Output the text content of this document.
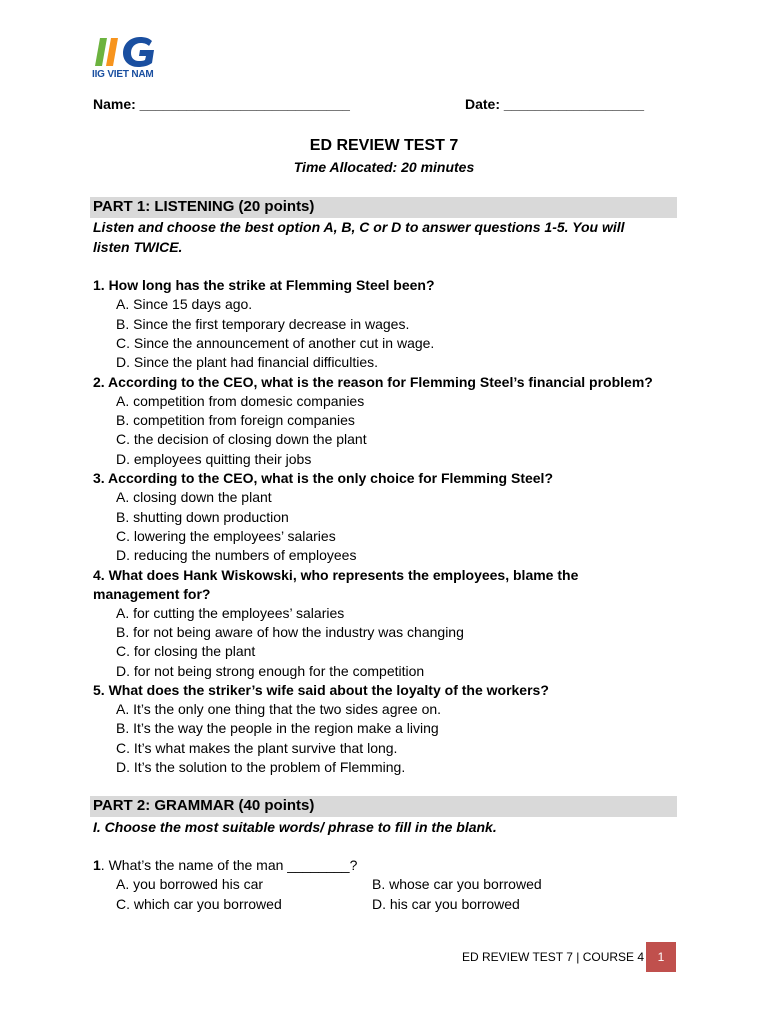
IIG VIET NAM
Name: ___________________________	Date: __________________
ED REVIEW TEST 7
Time Allocated: 20 minutes
PART 1: LISTENING (20 points)
Listen and choose the best option A, B, C or D to answer questions 1-5. You will
listen TWICE.
1. How long has the strike at Flemming Steel been?
A. Since 15 days ago.
B. Since the first temporary decrease in wages.
C. Since the announcement of another cut in wage.
D. Since the plant had financial difficulties.
2. According to the CEO, what is the reason for Flemming Steel’s financial problem?
A. competition from domesic companies
B. competition from foreign companies
C. the decision of closing down the plant
D. employees quitting their jobs
3. According to the CEO, what is the only choice for Flemming Steel?
A. closing down the plant
B. shutting down production
C. lowering the employees’ salaries
D. reducing the numbers of employees
4. What does Hank Wiskowski, who represents the employees, blame the
management for?
A. for cutting the employees’ salaries
B. for not being aware of how the industry was changing
C. for closing the plant
D. for not being strong enough for the competition
5. What does the striker’s wife said about the loyalty of the workers?
A. It’s the only one thing that the two sides agree on.
B. It’s the way the people in the region make a living
C. It’s what makes the plant survive that long.
D. It’s the solution to the problem of Flemming.
PART 2: GRAMMAR (40 points)
I. Choose the most suitable words/ phrase to fill in the blank.
1. What’s the name of the man ________?
A. you borrowed his car	B. whose car you borrowed
C. which car you borrowed	D. his car you borrowed
ED REVIEW TEST 7 | COURSE 4	1
